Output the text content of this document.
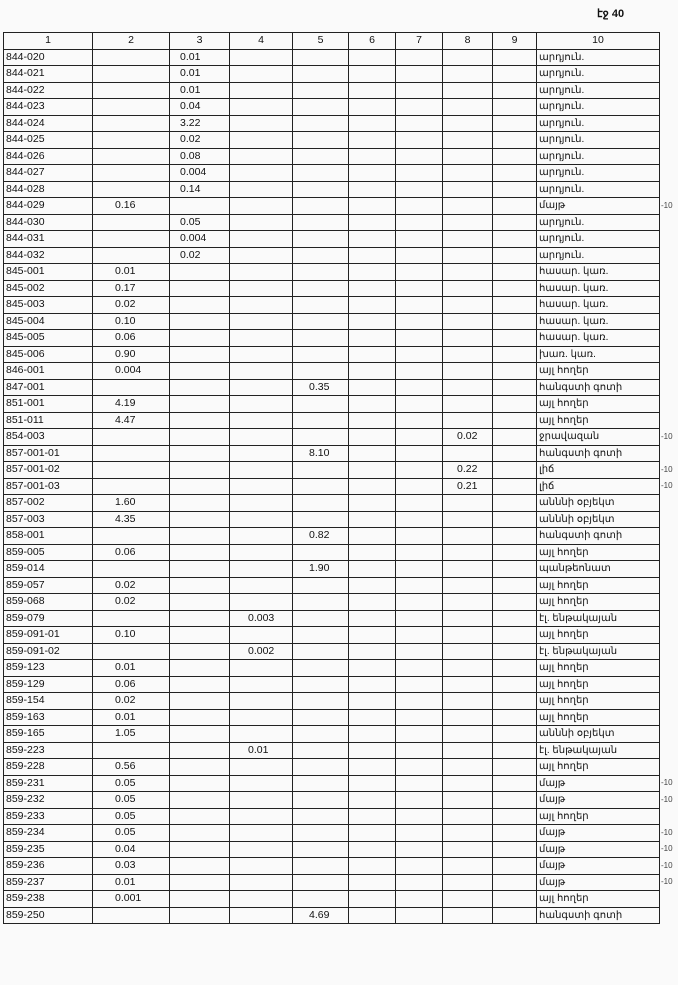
էջ 40
1	2	3	4	5	6	7	8	9	10
844-020		0.01							արդյուն.
844-021		0.01							արդյուն.
844-022		0.01							արդյուն.
844-023		0.04							արդյուն.
844-024		3.22							արդյուն.
844-025		0.02							արդյուն.
844-026		0.08							արդյուն.
844-027		0.004							արդյուն.
844-028		0.14							արդյուն.
844-029	0.16								մայթ
844-030		0.05							արդյուն.
844-031		0.004							արդյուն.
844-032		0.02							արդյուն.
845-001	0.01								հասար. կառ.
845-002	0.17								հասար. կառ.
845-003	0.02								հասար. կառ.
845-004	0.10								հասար. կառ.
845-005	0.06								հասար. կառ.
845-006	0.90								խառ. կառ.
846-001	0.004								այլ հողեր
847-001				0.35					հանգստի գոտի
851-001	4.19								այլ հողեր
851-011	4.47								այլ հողեր
854-003							0.02		ջրավազան
857-001-01				8.10					հանգստի գոտի
857-001-02							0.22		լիճ
857-001-03							0.21		լիճ
857-002	1.60								անննի օբյեկտ
857-003	4.35								անննի օբյեկտ
858-001				0.82					հանգստի գոտի
859-005	0.06								այլ հողեր
859-014				1.90					պանթեոնատ
859-057	0.02								այլ հողեր
859-068	0.02								այլ հողեր
859-079			0.003						էլ. ենթակայան
859-091-01	0.10								այլ հողեր
859-091-02			0.002						էլ. ենթակայան
859-123	0.01								այլ հողեր
859-129	0.06								այլ հողեր
859-154	0.02								այլ հողեր
859-163	0.01								այլ հողեր
859-165	1.05								անննի օբյեկտ
859-223			0.01						էլ. ենթակայան
859-228	0.56								այլ հողեր
859-231	0.05								մայթ
859-232	0.05								մայթ
859-233	0.05								այլ հողեր
859-234	0.05								մայթ
859-235	0.04								մայթ
859-236	0.03								մայթ
859-237	0.01								մայթ
859-238	0.001								այլ հողեր
859-250				4.69					հանգստի գոտի
-10
-10
-10
-10
-10
-10
-10
-10
-10
-10
